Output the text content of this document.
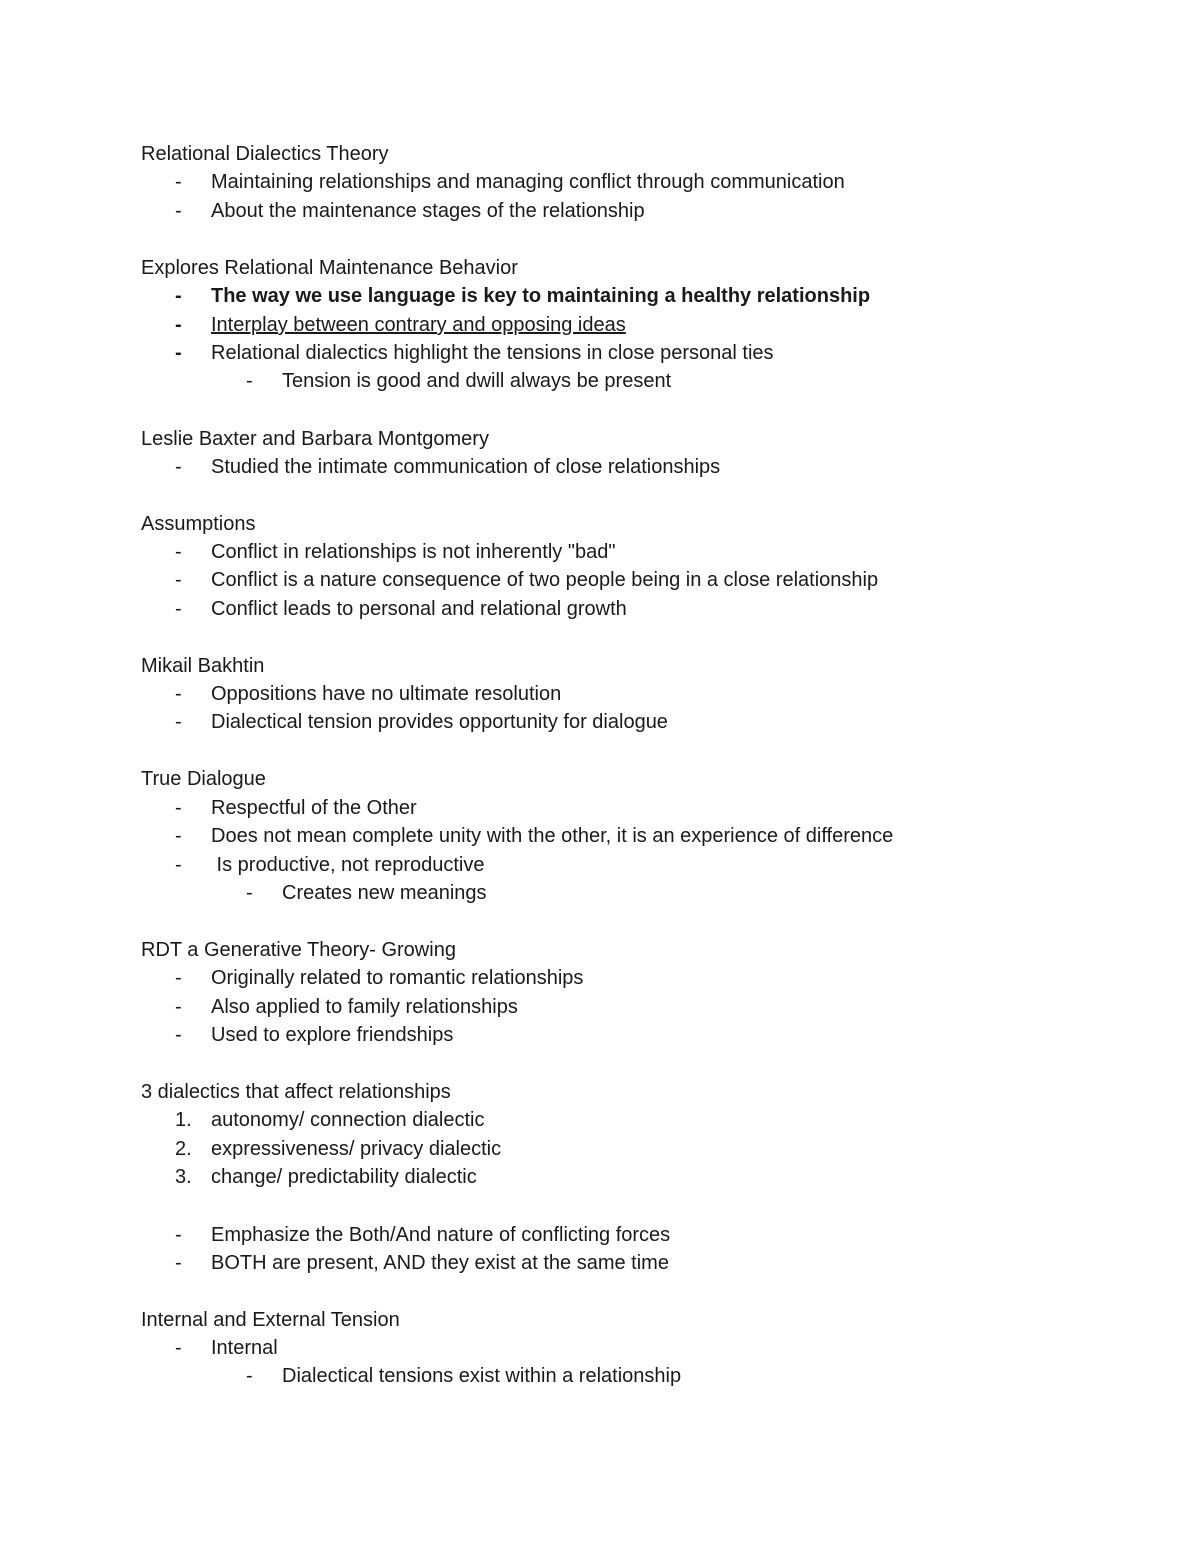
Relational Dialectics Theory
- Maintaining relationships and managing conflict through communication
- About the maintenance stages of the relationship
Explores Relational Maintenance Behavior
- The way we use language is key to maintaining a healthy relationship
- Interplay between contrary and opposing ideas
- Relational dialectics highlight the tensions in close personal ties
- Tension is good and dwill always be present
Leslie Baxter and Barbara Montgomery
- Studied the intimate communication of close relationships
Assumptions
- Conflict in relationships is not inherently "bad"
- Conflict is a nature consequence of two people being in a close relationship
- Conflict leads to personal and relational growth
Mikail Bakhtin
- Oppositions have no ultimate resolution
- Dialectical tension provides opportunity for dialogue
True Dialogue
- Respectful of the Other
- Does not mean complete unity with the other, it is an experience of difference
- Is productive, not reproductive
- Creates new meanings
RDT a Generative Theory- Growing
- Originally related to romantic relationships
- Also applied to family relationships
- Used to explore friendships
3 dialectics that affect relationships
1. autonomy/ connection dialectic
2. expressiveness/ privacy dialectic
3. change/ predictability dialectic
- Emphasize the Both/And nature of conflicting forces
- BOTH are present, AND they exist at the same time
Internal and External Tension
- Internal
- Dialectical tensions exist within a relationship
